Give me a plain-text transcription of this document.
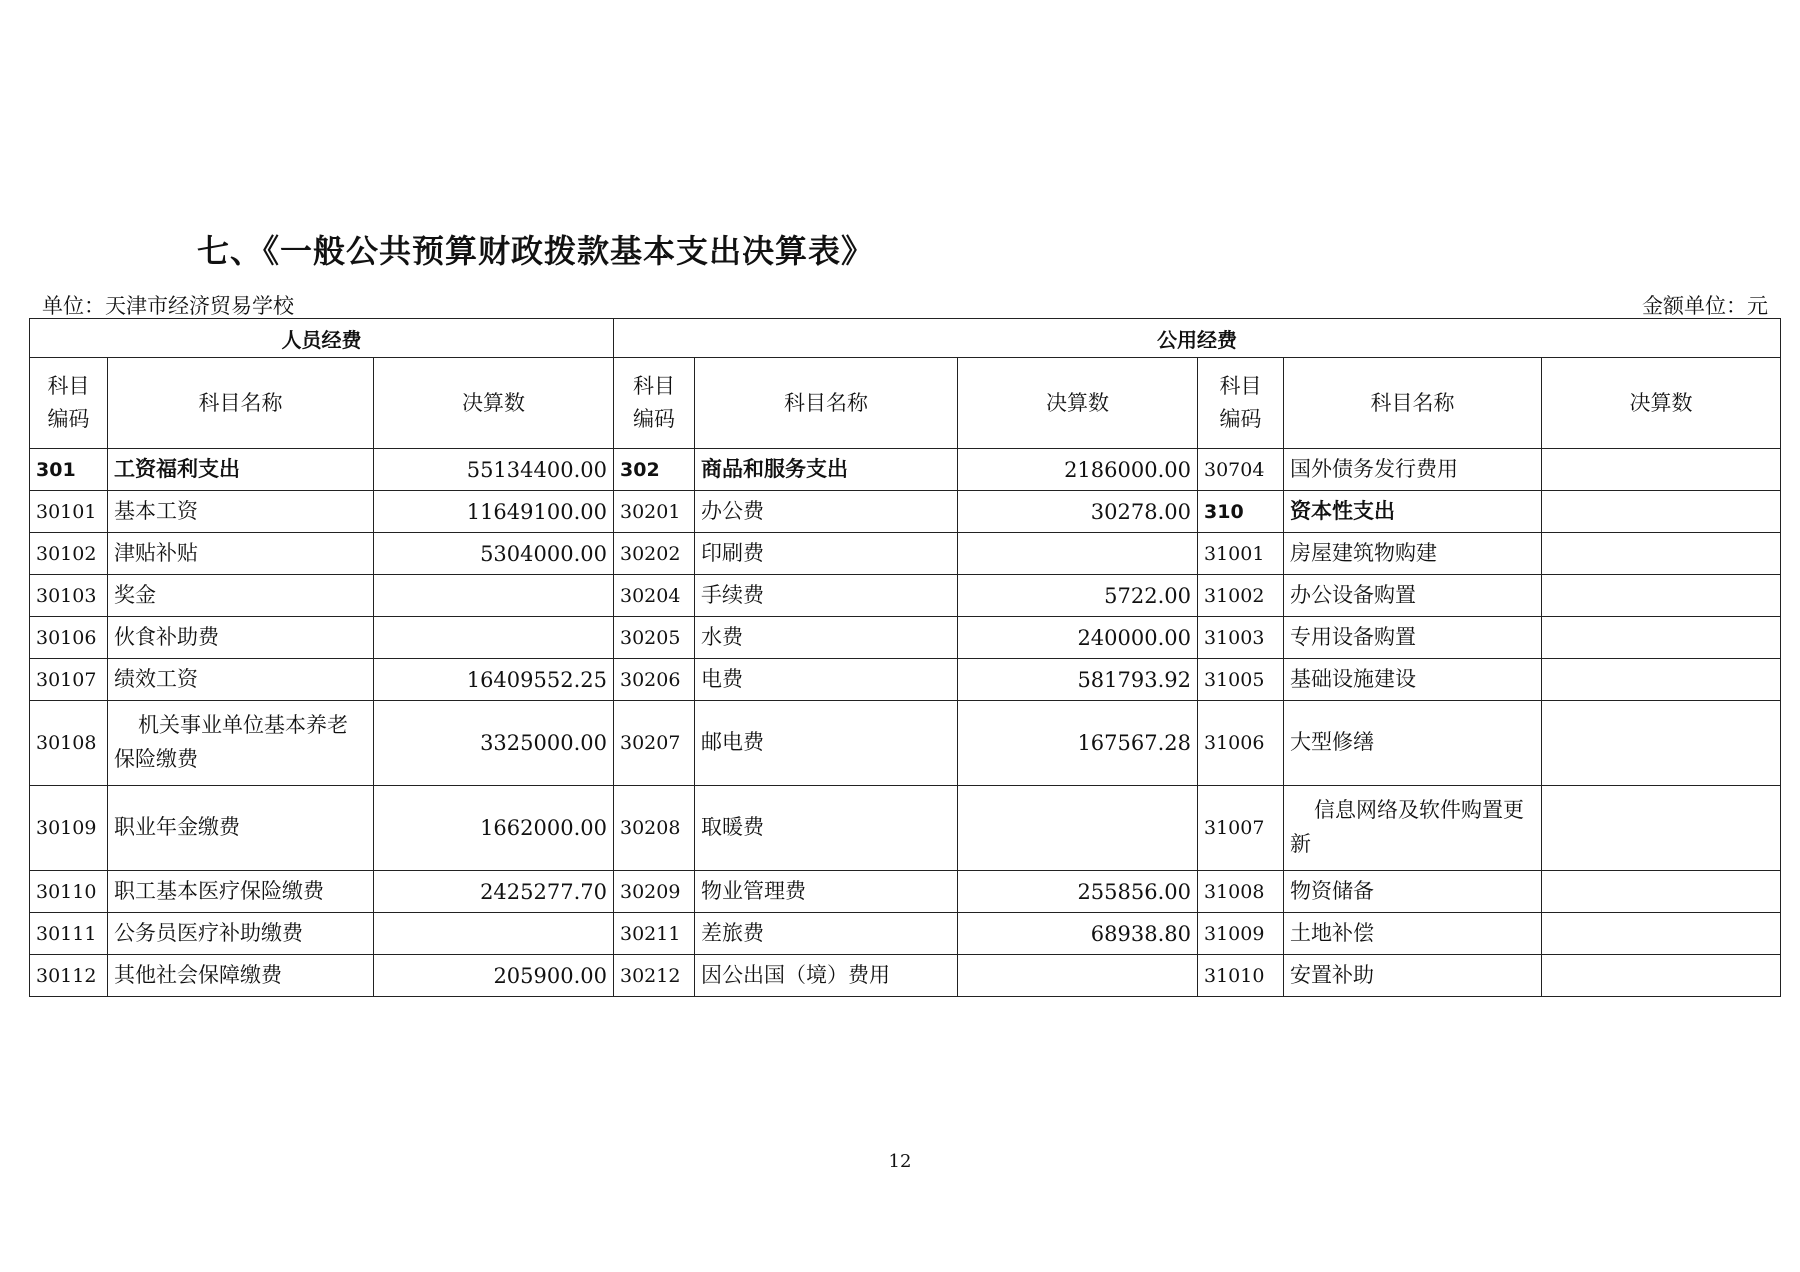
七、《一般公共预算财政拨款基本支出决算表》
单位：天津市经济贸易学校	金额单位：元
人员经费			公用经费					
科目编码	科目名称	决算数	科目编码	科目名称	决算数	科目编码	科目名称	决算数
301	工资福利支出	55134400.00	302	商品和服务支出	2186000.00	30704	国外债务发行费用	
30101	基本工资	11649100.00	30201	办公费	30278.00	310	资本性支出	
30102	津贴补贴	5304000.00	30202	印刷费		31001	房屋建筑物购建	
30103	奖金		30204	手续费	5722.00	31002	办公设备购置	
30106	伙食补助费		30205	水费	240000.00	31003	专用设备购置	
30107	绩效工资	16409552.25	30206	电费	581793.92	31005	基础设施建设	
30108	机关事业单位基本养老保险缴费	3325000.00	30207	邮电费	167567.28	31006	大型修缮	
30109	职业年金缴费	1662000.00	30208	取暖费		31007	信息网络及软件购置更新	
30110	职工基本医疗保险缴费	2425277.70	30209	物业管理费	255856.00	31008	物资储备	
30111	公务员医疗补助缴费		30211	差旅费	68938.80	31009	土地补偿	
30112	其他社会保障缴费	205900.00	30212	因公出国（境）费用		31010	安置补助	
12
